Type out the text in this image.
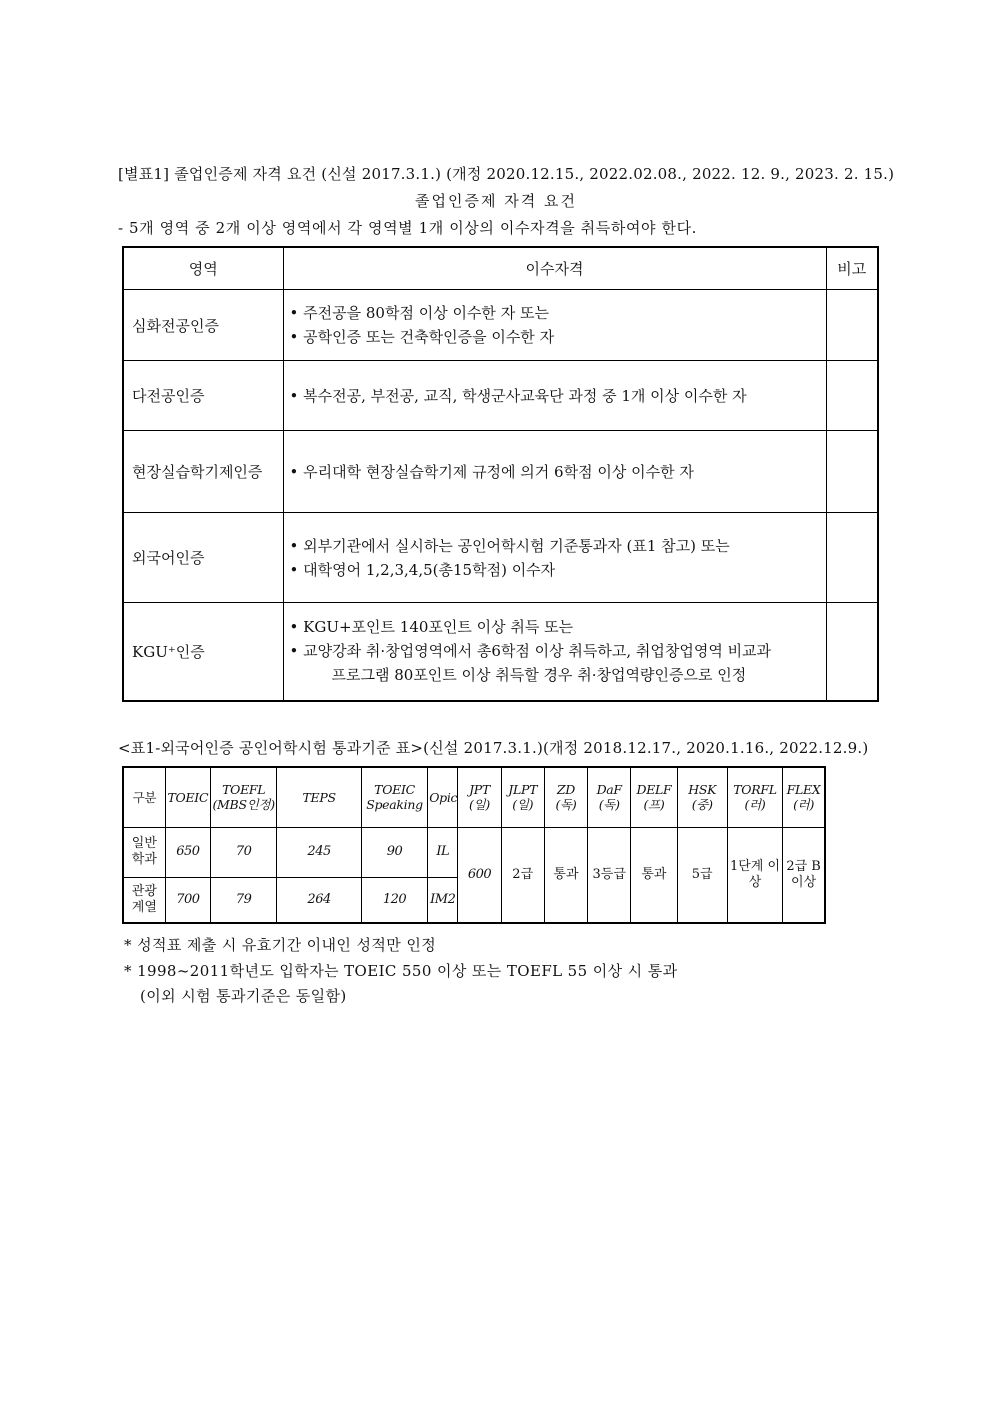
[별표1] 졸업인증제 자격 요건 (신설 2017.3.1.) (개정 2020.12.15., 2022.02.08., 2022. 12. 9., 2023. 2. 15.)
졸업인증제 자격 요건
- 5개 영역 중 2개 이상 영역에서 각 영역별 1개 이상의 이수자격을 취득하여야 한다.
영역	이수자격	비고
심화전공인증	• 주전공을 80학점 이상 이수한 자 또는
• 공학인증 또는 건축학인증을 이수한 자	

다전공인증	• 복수전공, 부전공, 교직, 학생군사교육단 과정 중 1개 이상 이수한 자	

현장실습학기제인증	• 우리대학 현장실습학기제 규정에 의거 6학점 이상 이수한 자	

외국어인증	• 외부기관에서 실시하는 공인어학시험 기준통과자 (표1 참고) 또는
• 대학영어 1,2,3,4,5(총15학점) 이수자	

KGU⁺인증	• KGU+포인트 140포인트 이상 취득 또는
• 교양강좌 취·창업영역에서 총6학점 이상 취득하고, 취업창업영역 비교과
프로그램 80포인트 이상 취득할 경우 취·창업역량인증으로 인정	

<표1-외국어인증 공인어학시험 통과기준 표>(신설 2017.3.1.)(개정 2018.12.17., 2020.1.16., 2022.12.9.)
구분	TOEIC	TOEFL (MBS인정)	TEPS	TOEIC Speaking	Opic	JPT (일)	JLPT (일)	ZD (독)	DaF (독)	DELF (프)	HSK (중)	TORFL (러)	FLEX (러)
일반 학과	650	70	245	90	IL	600	2급	통과	3등급	통과	5급	1단계 이상	2급 B이상
관광 계열	700	79	264	120	IM2								
* 성적표 제출 시 유효기간 이내인 성적만 인정
* 1998~2011학년도 입학자는 TOEIC 550 이상 또는 TOEFL 55 이상 시 통과
(이외 시험 통과기준은 동일함)
